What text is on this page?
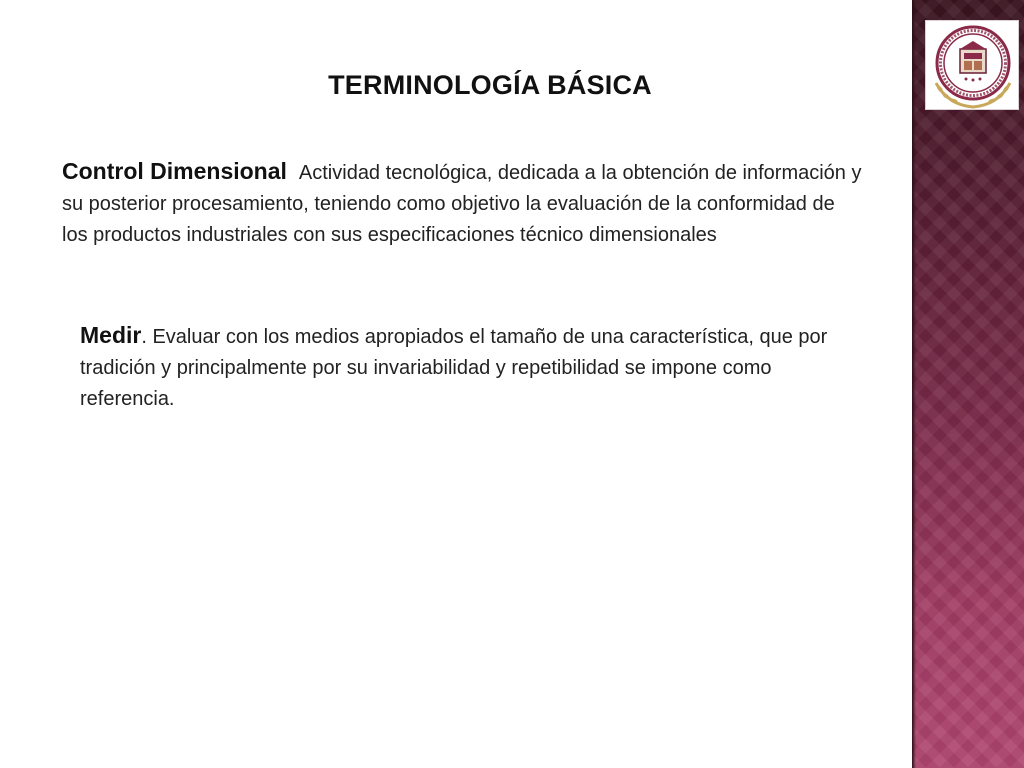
TERMINOLOGÍA BÁSICA
Control Dimensional Actividad tecnológica, dedicada a la obtención de información y su posterior procesamiento, teniendo como objetivo la evaluación de la conformidad de los productos industriales con sus especificaciones técnico dimensionales
Medir. Evaluar con los medios apropiados el tamaño de una característica, que por tradición y principalmente por su invariabilidad y repetibilidad se impone como referencia.
